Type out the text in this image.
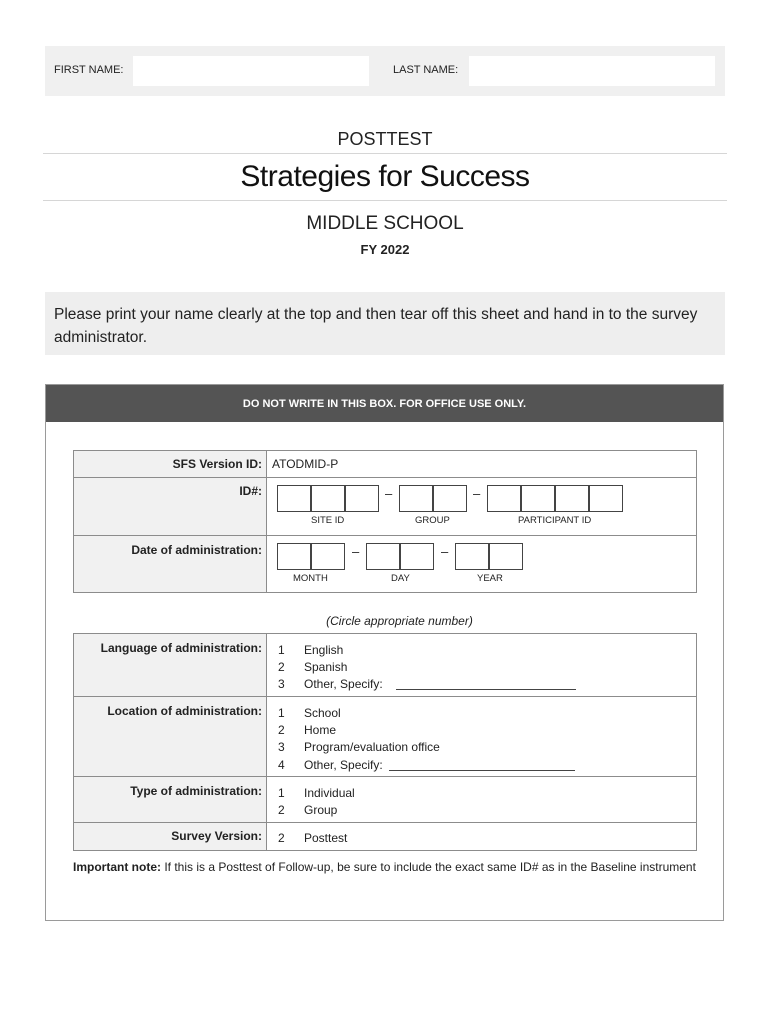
FIRST NAME:	LAST NAME:
POSTTEST
Strategies for Success
MIDDLE SCHOOL
FY 2022
Please print your name clearly at the top and then tear off this sheet and hand in to the survey administrator.
DO NOT WRITE IN THIS BOX. FOR OFFICE USE ONLY.
SFS Version ID: ATODMID-P
ID#:	–	–
SITE ID	GROUP	PARTICIPANT ID
Date of administration:	–	–
MONTH	DAY	YEAR
(Circle appropriate number)
Language of administration:	1	English
2	Spanish
3	Other, Specify:
Location of administration:	1	School
2	Home
3	Program/evaluation office
4	Other, Specify:
Type of administration:	1	Individual
2	Group
Survey Version:	2	Posttest
Important note: If this is a Posttest of Follow-up, be sure to include the exact same ID# as in the Baseline instrument
